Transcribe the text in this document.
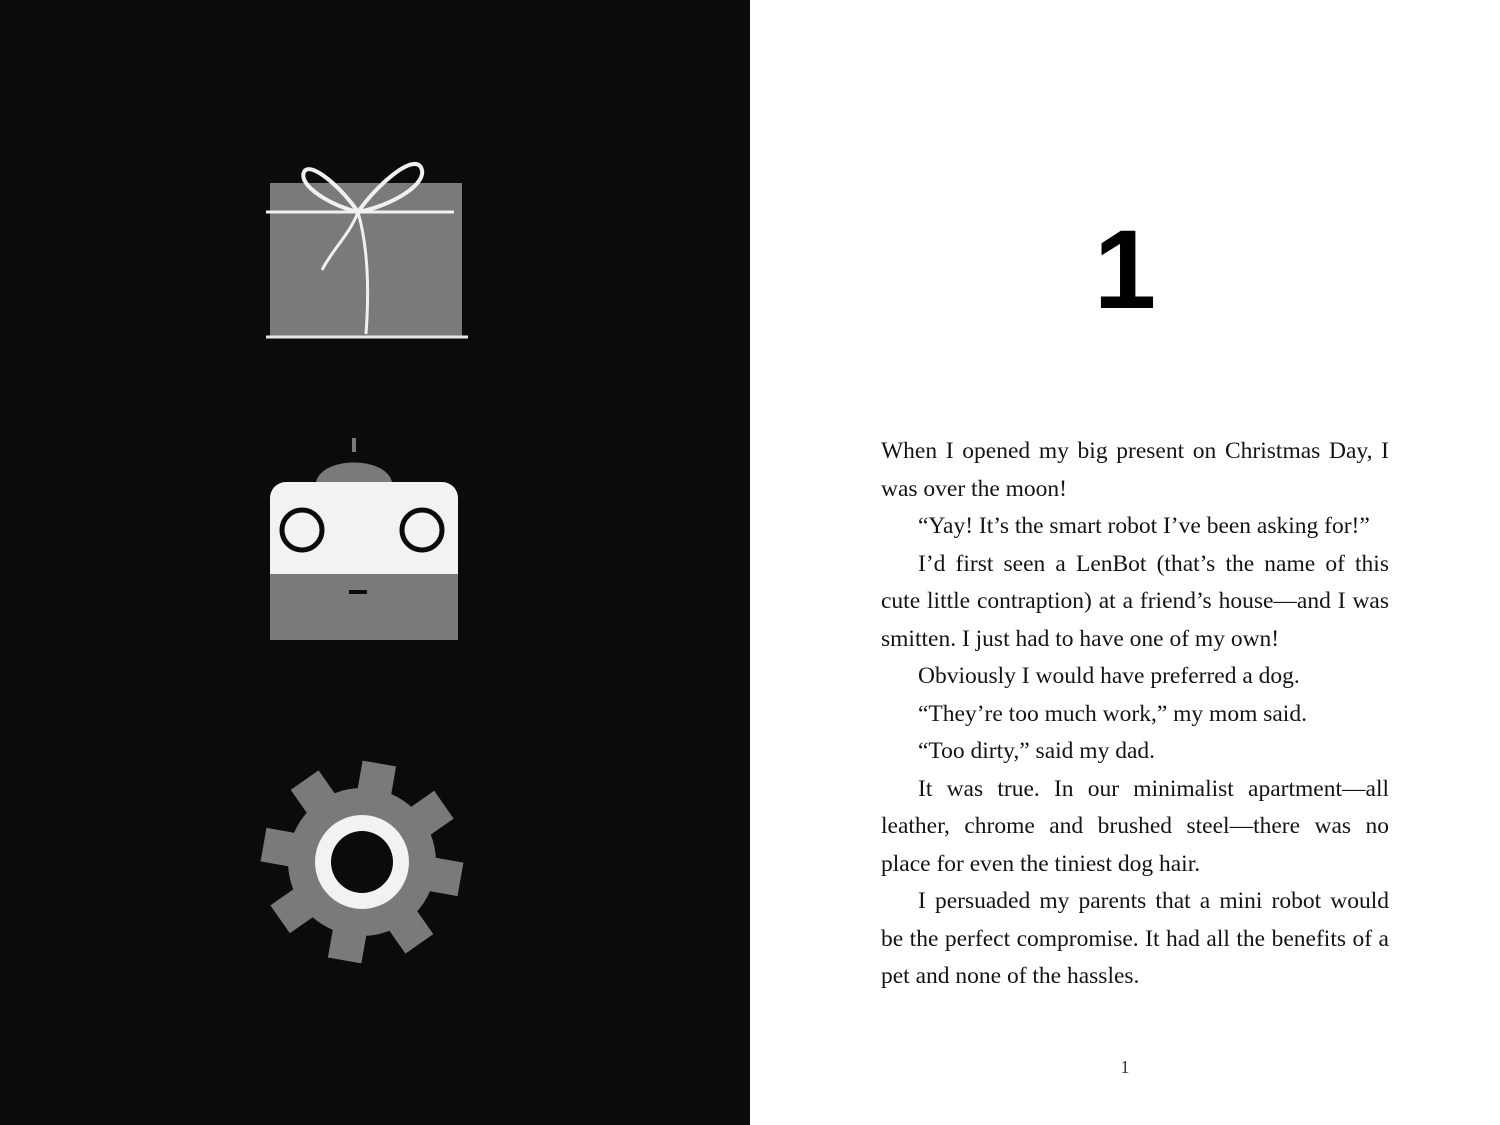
1

When I opened my big present on Christmas Day, I was over the moon!

“Yay! It’s the smart robot I’ve been asking for!”

I’d first seen a LenBot (that’s the name of this cute little contraption) at a friend’s house—and I was smitten. I just had to have one of my own!

Obviously I would have preferred a dog.

“They’re too much work,” my mom said.

“Too dirty,” said my dad.

It was true. In our minimalist apartment—all leather, chrome and brushed steel—there was no place for even the tiniest dog hair.

I persuaded my parents that a mini robot would be the perfect compromise. It had all the benefits of a pet and none of the hassles.

1
